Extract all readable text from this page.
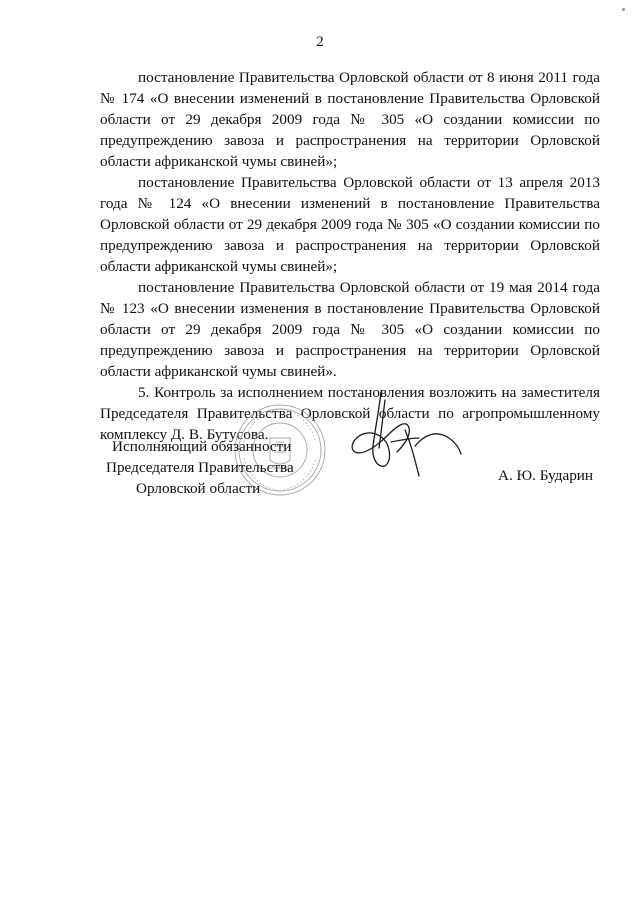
2

постановление Правительства Орловской области от 8 июня 2011 года № 174 «О внесении изменений в постановление Правительства Орловской области от 29 декабря 2009 года № 305 «О создании комиссии по предупреждению завоза и распространения на территории Орловской области африканской чумы свиней»;

постановление Правительства Орловской области от 13 апреля 2013 года № 124 «О внесении изменений в постановление Правительства Орловской области от 29 декабря 2009 года № 305 «О создании комиссии по предупреждению завоза и распространения на территории Орловской области африканской чумы свиней»;

постановление Правительства Орловской области от 19 мая 2014 года № 123 «О внесении изменения в постановление Правительства Орловской области от 29 декабря 2009 года № 305 «О создании комиссии по предупреждению завоза и распространения на территории Орловской области африканской чумы свиней».

5. Контроль за исполнением постановления возложить на заместителя Председателя Правительства Орловской области по агропромышленному комплексу Д. В. Бутусова.

Исполняющий обязанности
Председателя Правительства
Орловской области
А. Ю. Бударин
